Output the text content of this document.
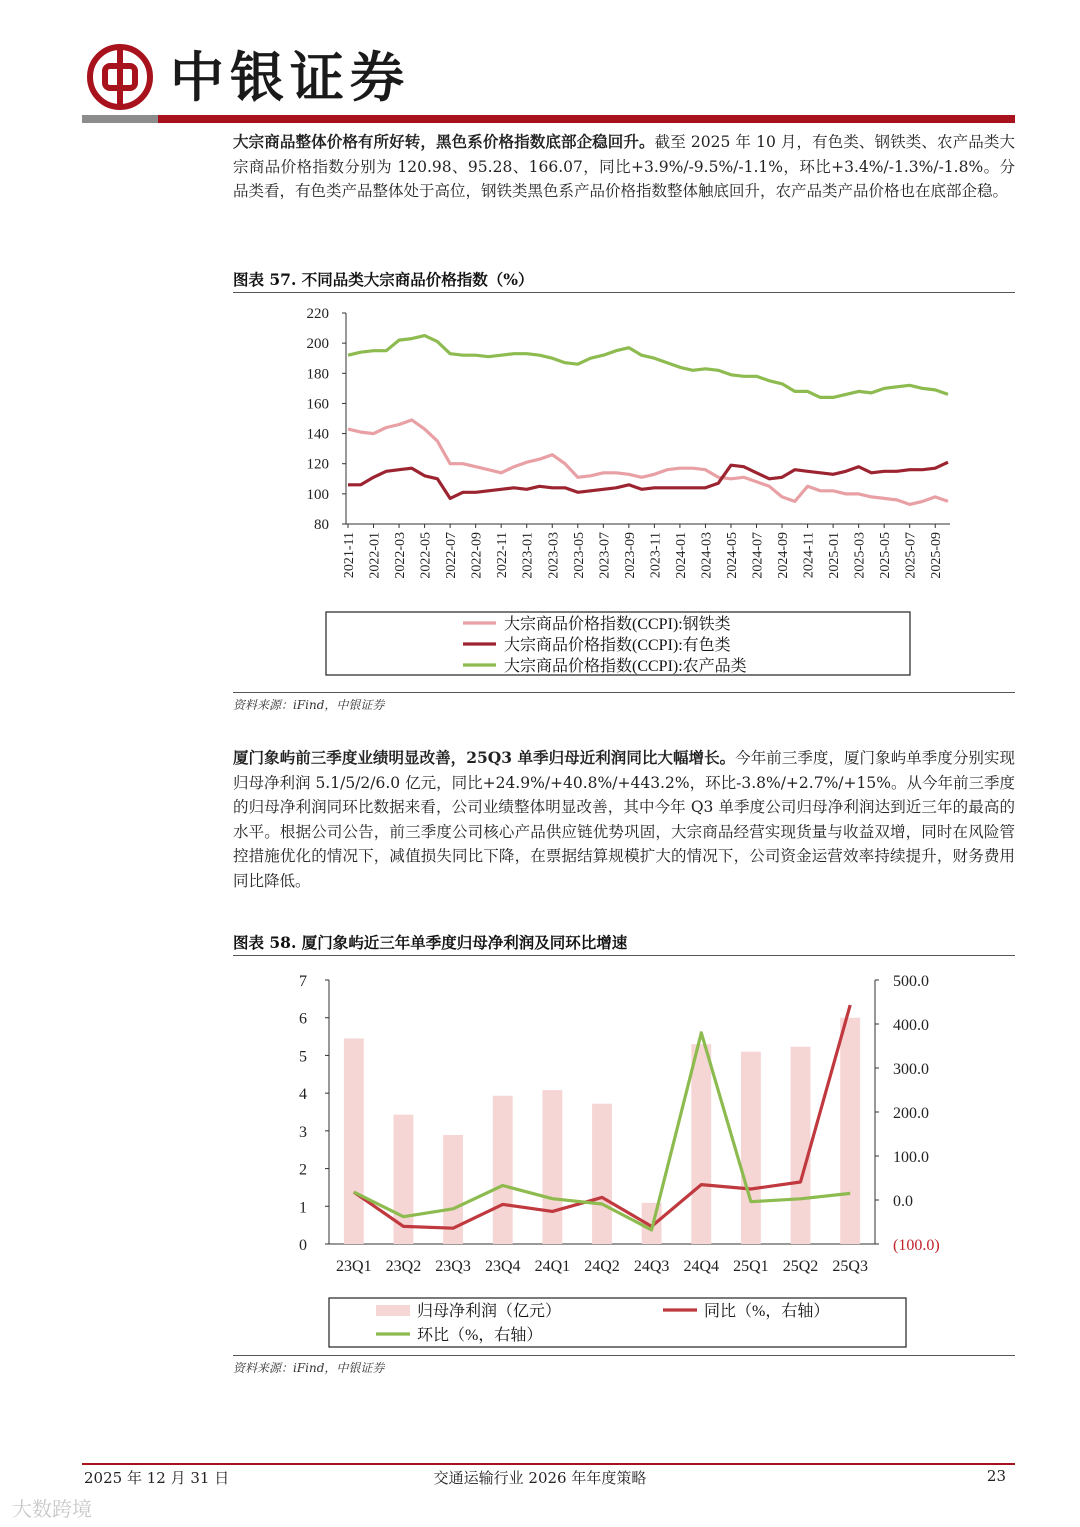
中银证券

大宗商品整体价格有所好转，黑色系价格指数底部企稳回升。截至 2025 年 10 月，有色类、钢铁类、农产品类大宗商品价格指数分别为 120.98、95.28、166.07，同比+3.9%/-9.5%/-1.1%，环比+3.4%/-1.3%/-1.8%。分品类看，有色类产品整体处于高位，钢铁类黑色系产品价格指数整体触底回升，农产品类产品价格也在底部企稳。

图表 57. 不同品类大宗商品价格指数（%）

80
100
120
140
160
180
200
220
2021-11 2022-01 2022-03 2022-05 2022-07 2022-09 2022-11 2023-01 2023-03 2023-05 2023-07 2023-09 2023-11 2024-01 2024-03 2024-05 2024-07 2024-09 2024-11 2025-01 2025-03 2025-05 2025-07 2025-09
大宗商品价格指数(CCPI):钢铁类
大宗商品价格指数(CCPI):有色类
大宗商品价格指数(CCPI):农产品类

资料来源：iFind，中银证券

厦门象屿前三季度业绩明显改善，25Q3 单季归母近利润同比大幅增长。今年前三季度，厦门象屿单季度分别实现归母净利润 5.1/5/2/6.0 亿元，同比+24.9%/+40.8%/+443.2%，环比-3.8%/+2.7%/+15%。从今年前三季度的归母净利润同环比数据来看，公司业绩整体明显改善，其中今年 Q3 单季度公司归母净利润达到近三年的最高的水平。根据公司公告，前三季度公司核心产品供应链优势巩固，大宗商品经营实现货量与收益双增，同时在风险管控措施优化的情况下，减值损失同比下降，在票据结算规模扩大的情况下，公司资金运营效率持续提升，财务费用同比降低。

图表 58. 厦门象屿近三年单季度归母净利润及同环比增速

0
1
2
3
4
5
6
7
(100.0)
0.0
100.0
200.0
300.0
400.0
500.0
23Q1 23Q2 23Q3 23Q4 24Q1 24Q2 24Q3 24Q4 25Q1 25Q2 25Q3
归母净利润（亿元）	同比（%，右轴）
环比（%，右轴）

资料来源：iFind，中银证券

2025 年 12 月 31 日	交通运输行业 2026 年年度策略	23
大数跨境
